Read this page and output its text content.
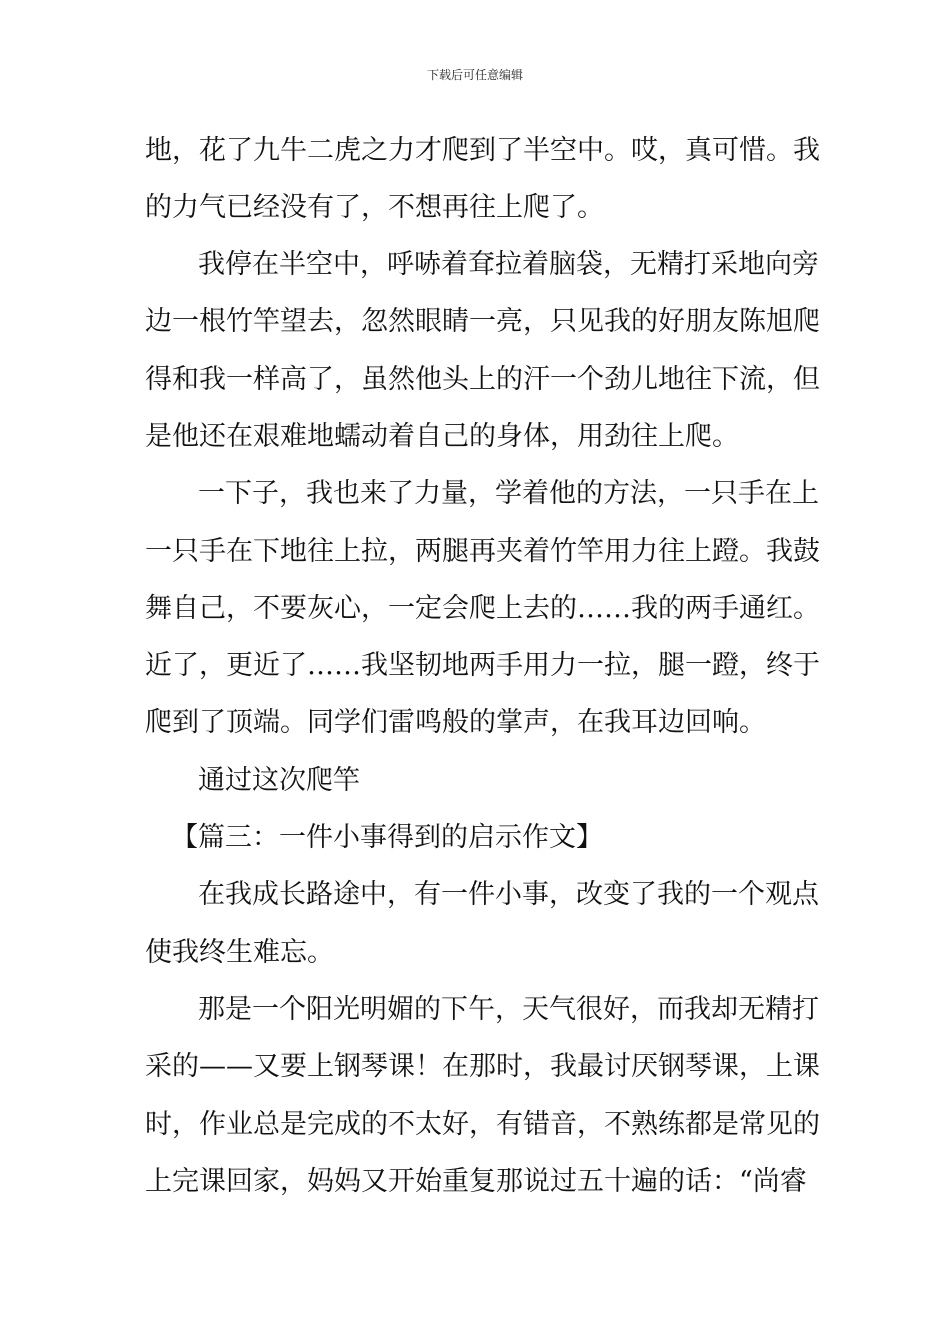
下载后可任意编辑
地，花了九牛二虎之力才爬到了半空中。哎，真可惜。我
的力气已经没有了，不想再往上爬了。
我停在半空中，呼哧着耷拉着脑袋，无精打采地向旁
边一根竹竿望去，忽然眼睛一亮，只见我的好朋友陈旭爬
得和我一样高了，虽然他头上的汗一个劲儿地往下流，但
是他还在艰难地蠕动着自己的身体，用劲往上爬。
一下子，我也来了力量，学着他的方法，一只手在上
一只手在下地往上拉，两腿再夹着竹竿用力往上蹬。我鼓
舞自己，不要灰心，一定会爬上去的……我的两手通红。
近了，更近了……我坚韧地两手用力一拉，腿一蹬，终于
爬到了顶端。同学们雷鸣般的掌声，在我耳边回响。
通过这次爬竿
【篇三：一件小事得到的启示作文】
在我成长路途中，有一件小事，改变了我的一个观点
使我终生难忘。
那是一个阳光明媚的下午，天气很好，而我却无精打
采的——又要上钢琴课！在那时，我最讨厌钢琴课，上课
时，作业总是完成的不太好，有错音，不熟练都是常见的
上完课回家，妈妈又开始重复那说过五十遍的话：“尚睿
